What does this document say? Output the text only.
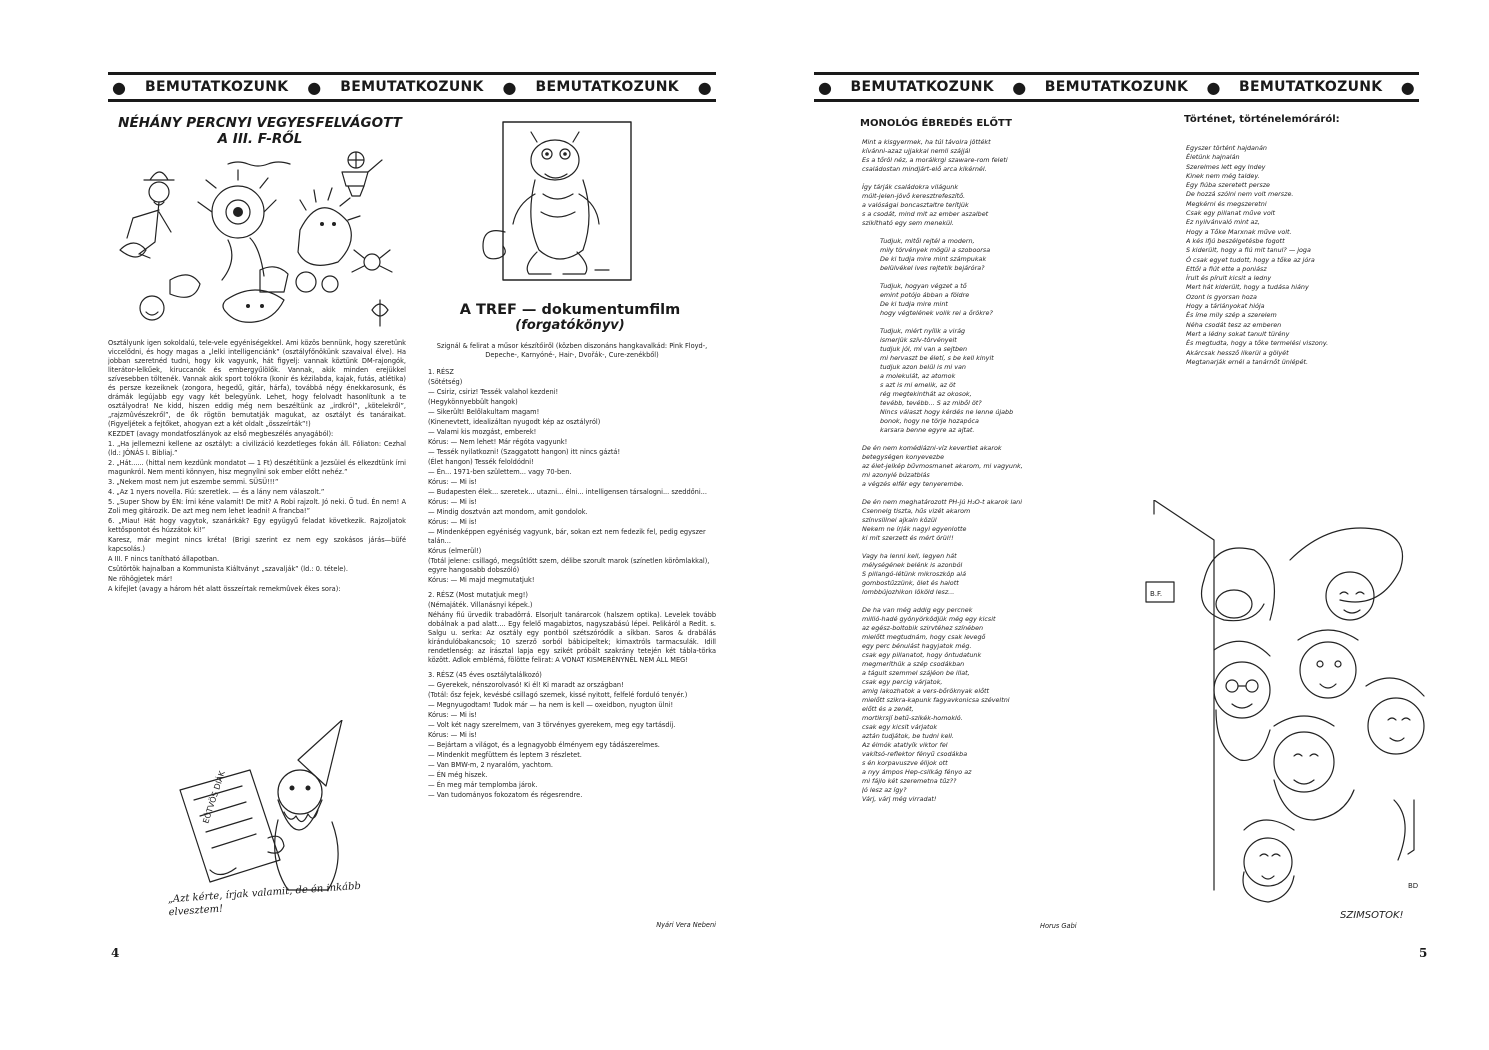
● BEMUTATKOZUNK ● BEMUTATKOZUNK ● BEMUTATKOZUNK ●
NÉHÁNY PERCNYI VEGYESFELVÁGOTT
A III. F-RŐL

Osztályunk igen sokoldalú, tele-vele egyéniségekkel. Ami közös bennünk, hogy szeretünk viccelődni, és hogy magas a „lelki intelligenciánk” (osztályfőnökünk szavaival élve). Ha jobban szeretnéd tudni, hogy kik vagyunk, hát figyelj: vannak köztünk DM-rajongók, literátor-lelkűek, kiruccanók és embergyűlölők. Vannak, akik minden erejükkel szívesebben töltenék. Vannak akik sport tolókra (konir és kézilabda, kajak, futás, atlétika) és persze kezeiknek (zongora, hegedű, gitár, hárfa), továbbá négy énekkarosunk, és drámák legújabb egy vagy két belegyünk. Lehet, hogy felolvadt hasonlítunk a te osztályodra! Ne kidd, hiszen eddig még nem beszéltünk az „irdkról”, „kötelekről”, „rajzmûvészekről”, de ők rögtön bemutatják magukat, az osztályt és tanáraikat. (Figyeljétek a fejtőket, ahogyan ezt a két oldalt „összeírták”!)

KEZDET (avagy mondatfoszlányok az első megbeszélés anyagából):

1. „Ha jellemezni kellene az osztályt: a civilizáció kezdetleges fokán áll. Fóliaton: Cezhal (ld.: JÓNÁS I. Bibliaj.”

2. „Hát...... (hittal nem kezdünk mondatot — 1 Ft) deszétítünk a Jezsüiel és elkezdtünk írni magunkról. Nem menti könnyen, hisz megnyílni sok ember előtt nehéz.”

3. „Nekem most nem jut eszembe semmi. SÜSÜ!!!”

4. „Az 1 nyers novella. Fiú: szeretlek. — és a lány nem válaszolt.”

5. „Super Show by ÉN: Írni kéne valamit! De mit? A Robi rajzolt. Jó neki. Ő tud. Én nem! A Zoli meg gitározik. De azt meg nem lehet leadni! A francba!”

6. „Miau! Hát hogy vagytok, szanárkák? Egy együgyű feladat következik. Rajzoljatok kettőspontot és húzzátok ki!”

Karesz, már megint nincs kréta! (Brigi szerint ez nem egy szokásos járás—büfé kapcsolás.)

A III. F nincs tanítható állapotban.

Csütörtök hajnalban a Kommunista Kiáltványt „szavalják” (ld.: 0. tétele).

Ne röhögjetek már!

A kifejlet (avagy a három hét alatt összeírtak remekmûvek ékes sora):

EÖTVÖS DIÁK
„Azt kérte, írjak valamit, de én inkább elvesztem!
A TREF — dokumentumfilm
(forgatókönyv)

Szignál & felirat a műsor készítőiről (közben diszonáns hangkavalkád: Pink Floyd-, Depeche-, Karnyóné-, Hair-, Dvořák-, Cure-zenékből)

1. RÉSZ

(Sötétség)

— Csiriz, csiriz! Tessék valahol kezdeni!

(Hegykönnyebbült hangok)

— Sikerült! Belőlakultam magam!

(Kinenevtett, idealizáltan nyugodt kép az osztályról)

— Valami kis mozgást, emberek!

Kórus: — Nem lehet! Már régóta vagyunk!

— Tessék nyilatkozni! (Szaggatott hangon) itt nincs gáztá!

(Élet hangon) Tessék feloldódni!

— Én... 1971-ben születtem... vagy 70-ben.

Kórus: — Mi is!

— Budapesten élek... szeretek... utazni... élni... intelligensen társalogni... szeddőni...

Kórus: — Mi is!

— Mindig dosztván azt mondom, amit gondolok.

Kórus: — Mi is!

— Mindenképpen egyéniség vagyunk, bár, sokan ezt nem fedezik fel, pedig egyszer talán...

Kórus (elmerül!)

(Totál jelene: csillagó, megsűtlőtt szem, délibe szorult marok (színetlen körömlakkal), egyre hangosabb dobszóló)

Kórus: — Mi majd megmutatjuk!

2. RÉSZ (Most mutatjuk meg!)

(Némajáték. Villanásnyi képek.)

Néhány fiú ürvedik trabadörrá. Elsorjult tanárarcok (halszem optika). Levelek tovább dobálnak a pad alatt.... Egy felelő magabiztos, nagyszabású lépei. Pelikáról a Redit. s. Salgu u. serka: Az osztály egy pontból szétszóródik a síkban. Saros & drabálás kirándulóbakancsok; 10 szerző sorból bábicipeltek; kimaxtróls tarmacsulák. Idill rendetlenség: az írásztal lapja egy szikét próbált szakrány tetején két tábla-törka között. Adlok emblémá, fölötte felirat: A VONAT KISMERÉNYNÉL NEM ÁLL MEG!

3. RÉSZ (45 éves osztálytalálkozó)

— Gyerekek, nénszorolvasó! Ki él! Ki maradt az országban!

(Totál: ősz fejek, kevésbé csillagó szemek, kissé nyitott, felfelé forduló tenyér.)

— Megnyugodtam! Tudok már — ha nem is kell — oxeidbon, nyugton ülni!

Kórus: — Mi is!

— Volt két nagy szerelmem, van 3 törvényes gyerekem, meg egy tartásdíj.

Kórus: — Mi is!

— Bejártam a világot, és a legnagyobb élményem egy tádászerelmes.

— Mindenkit megfüttem és leptem 3 részletet.

— Van BMW-m, 2 nyaralóm, yachtom.

— ÉN még hiszek.

— Én meg már templomba járok.

— Van tudományos fokozatom és régesrendre.

Nyári Vera Nebeni
4
● BEMUTATKOZUNK ● BEMUTATKOZUNK ● BEMUTATKOZUNK ●
MONOLÓG ÉBREDÉS ELŐTT
Mint a kisgyermek, ha túl távolra jöttékt
kívánni-azaz ujjakkal nemli szájjál
Es a tőröl néz, a morálkrgi szaware-rom feleti
családostan mindjárt-elő arca kikérnél.
Így tárják családokra világunk
múlt-jelen-jövő keresztrefeszítő.
a valóságai boncasztaltre terítjük
s a csodát, mind mit az ember aszalbet
szikítható egy sem menekül.
Tudjuk, mitől rejtél a modern,
mily törvények mögül a szoboorsa
De ki tudja mire mint számpukak
belülvékel ives rejtetik bejáróra?
Tudjuk, hogyan végzet a tő
emint potójo ábban a földre
De ki tudja mire mint
hogy végtelének volik rei a őrökre?
Tudjuk, miért nyílik a virág
ismerjük szív-törvényeit
tudjuk jól, mi van a sejtben
mi hervaszt be életí, s be kell kinyit
tudjuk azon belül is mi van
a molekulát, az atomok
s azt is mi emelik, az öt
rég megtekinthát az okosok,
tevébb, tevébb... S az miből öt?
Nincs választ hogy kérdés ne lenne újabb
bonok, hogy ne törje hozapóca
karsara benne egyre az ajtat.
De én nem komédiázni-víz kevertlet akarok
betegységen konyevezbe
az élet-jelkép bűvmosmanet akarom, mi vagyunk,
mi azonylé búzatblás
a végzés elfér egy tenyerembe.
De én nem meghatározott PH-jú H₂O-t akarok lani
Csennelg tiszta, hűs vizét akarom
színvsillnei ajkain közül
Nekem ne írják nagyi egyenlotte
ki mit szerzett és mért örül!!
Vagy ha lenni kell, legyen hát
mélységének belénk is azonból
S pillangó-létünk mikroszköp alá
gombostűzzünk, ölet és halott
lombbújozhikon lököld lesz...
De ha van még addig egy percnek
millió-hadé gyönyörködjük még egy kicsit
az egész-boltobik szirvtéhez színében
mielőtt megtudnám, hogy csak levegő
egy perc bénulást hagyjatok még.
csak egy pillanatot, hogy öntudatunk
megmeríthük a szép csodákban
a tágult szemmel szájéon be illat,
csak egy percig várjatok,
amig lakozhatok a vers-bőröknyak előtt
mielőtt szikra-kapunk fagyavkonicsa széveltni
előtt és a zenét,
mortikrsjí betű-szikék-homokló.
csak egy kicsit várjatok
aztán tudjátok, be tudni kell.
Az élmók atatlyík viktor fel
vakítsó-reflektor fényű csodákba
s én korpavuszve élijok ott
a nyy ámpos Hep-csilkág fényo az
mi fájlo két szeremetna tűz??
Jó lesz az így?
Várj, várj még virradat!
Horus Gabi
Történet, történelemóráról:
Egyszer történt hajdanán
Életünk hajnalán
Szerelmes lett egy Indey
Kinek nem még taldey.
Egy fiúba szeretett persze
De hozzá szólni nem volt mersze.
Megkérni és megszeretni
Csak egy pillanat műve volt
Ez nyilvánvaló mint az,
Hogy a Tőke Marxnak műve volt.
A kés ifjú beszélgetésbe fogott
S kiderült, hogy a fiú mit tanul? — joga
Ó csak egyet tudott, hogy a tőke az jóra
Ettől a fiút ette a poniász
Írult és pírult kicsit a ledny
Mert hát kiderült, hogy a tudása hiány
Ozont is gyorsan hoza
Hogy a tárlányokat hiója
És íme mily szép a szerelem
Néha csodát tesz az emberen
Mert a lédny sokat tanult türény
És megtudta, hogy a tőke termelési viszony.
Akárcsak hessző likerül a gölyét
Megtanarják ernél a tanárnőt ünlépét.
B.F.
BD
SZIMSOTOK!
5
